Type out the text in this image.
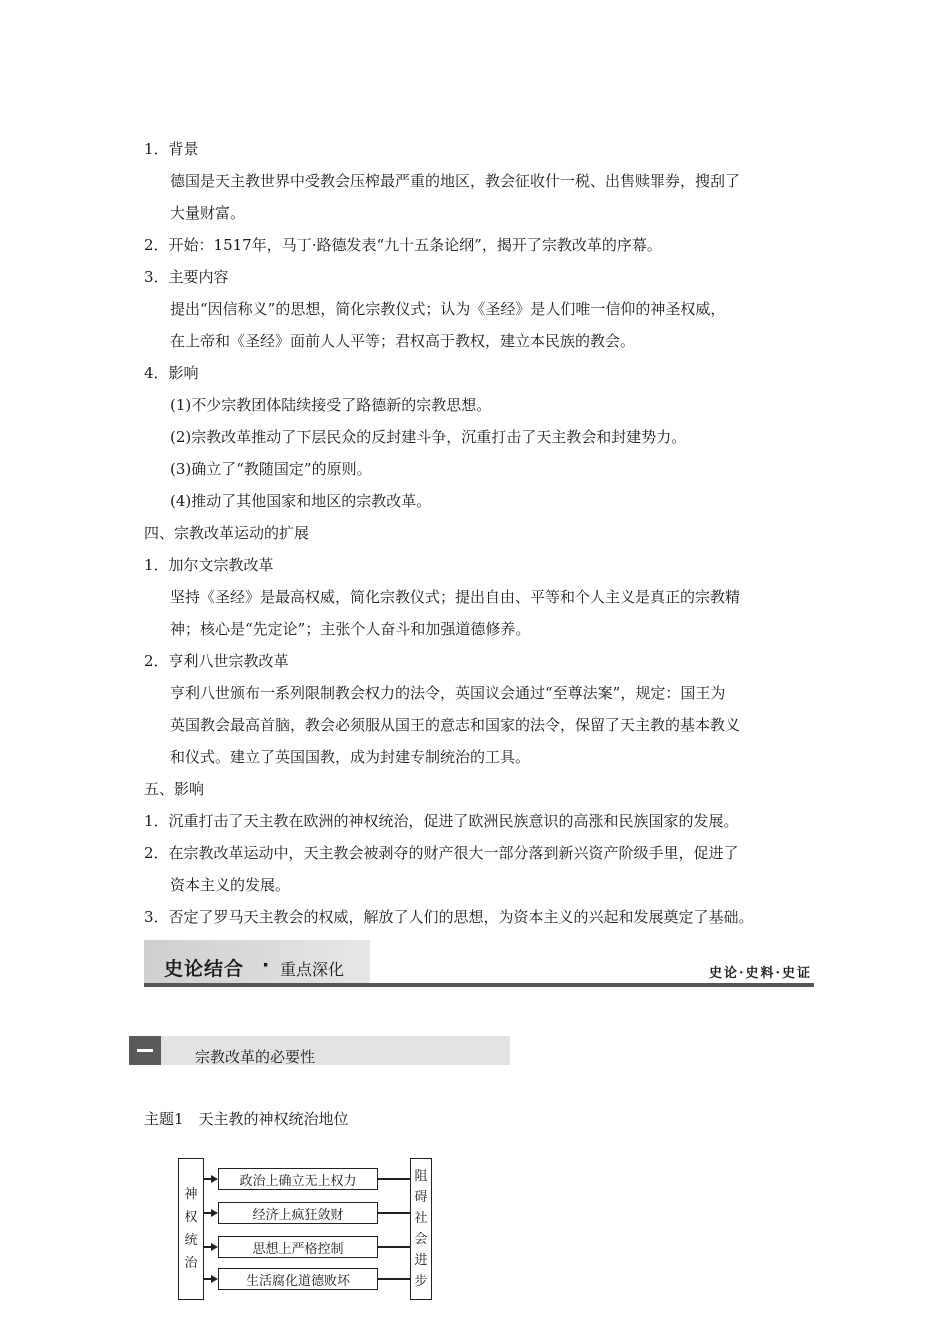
1．背景
德国是天主教世界中受教会压榨最严重的地区，教会征收什一税、出售赎罪券，搜刮了
大量财富。
2．开始：1517年，马丁·路德发表“九十五条论纲”，揭开了宗教改革的序幕。
3．主要内容
提出“因信称义”的思想，简化宗教仪式；认为《圣经》是人们唯一信仰的神圣权威，
在上帝和《圣经》面前人人平等；君权高于教权，建立本民族的教会。
4．影响
(1)不少宗教团体陆续接受了路德新的宗教思想。
(2)宗教改革推动了下层民众的反封建斗争，沉重打击了天主教会和封建势力。
(3)确立了“教随国定”的原则。
(4)推动了其他国家和地区的宗教改革。
四、宗教改革运动的扩展
1．加尔文宗教改革
坚持《圣经》是最高权威，简化宗教仪式；提出自由、平等和个人主义是真正的宗教精
神；核心是“先定论”；主张个人奋斗和加强道德修养。
2．亨利八世宗教改革
亨利八世颁布一系列限制教会权力的法令，英国议会通过“至尊法案”，规定：国王为
英国教会最高首脑，教会必须服从国王的意志和国家的法令，保留了天主教的基本教义
和仪式。建立了英国国教，成为封建专制统治的工具。
五、影响
1．沉重打击了天主教在欧洲的神权统治，促进了欧洲民族意识的高涨和民族国家的发展。
2．在宗教改革运动中，天主教会被剥夺的财产很大一部分落到新兴资产阶级手里，促进了
资本主义的发展。
3．否定了罗马天主教会的权威，解放了人们的思想，为资本主义的兴起和发展奠定了基础。
史论结合 · 重点深化	史论·史料·史证
宗教改革的必要性
主题1　天主教的神权统治地位
神
权
统
治
阻
碍
社
会
进
步
政治上确立无上权力
经济上疯狂敛财
思想上严格控制
生活腐化道德败坏
